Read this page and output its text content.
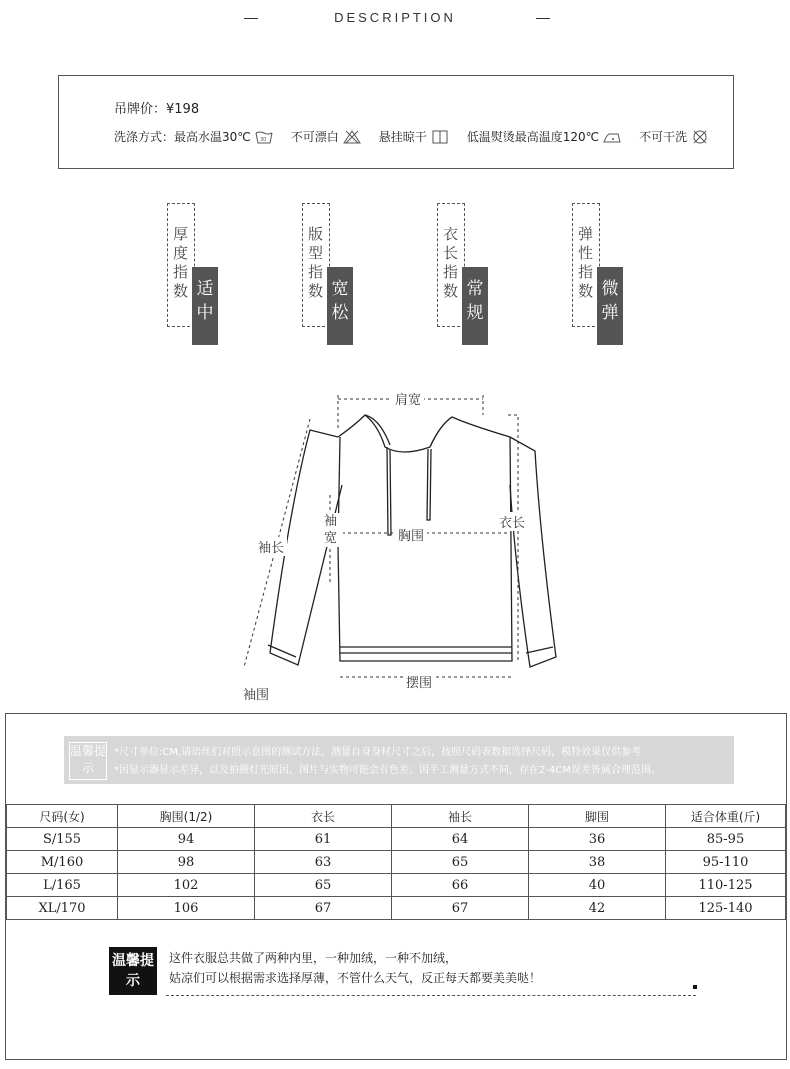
DESCRIPTION
吊牌价：¥198
洗涤方式：最高水温30℃ 30 不可漂白	悬挂晾干	低温熨烫最高温度120℃	不可干洗
厚度指数 适中
版型指数 宽松
衣长指数 常规
弹性指数 微弹
肩宽
袖长
袖宽	胸围
衣长
袖围
摆围
温馨提示
*尺寸单位:CM,请语丝们对照示意图的测试方法，测量自身身材尺寸之后，按照尺码表数据选择尺码，模特效果仅供参考
*因显示器显示差异，以及拍摄灯光原因，图片与实物可能会有色差；因手工测量方式不同，存在2-4CM误差皆属合理范围。
尺码(女)	胸围(1/2)	衣长	袖长	脚围	适合体重(斤)
S/155	94	61	64	36	85-95
M/160	98	63	65	38	95-110
L/165	102	65	66	40	110-125
XL/170	106	67	67	42	125-140
温馨提示
这件衣服总共做了两种内里，一种加绒，一种不加绒，
姑凉们可以根据需求选择厚薄，不管什么天气，反正每天都要美美哒！
